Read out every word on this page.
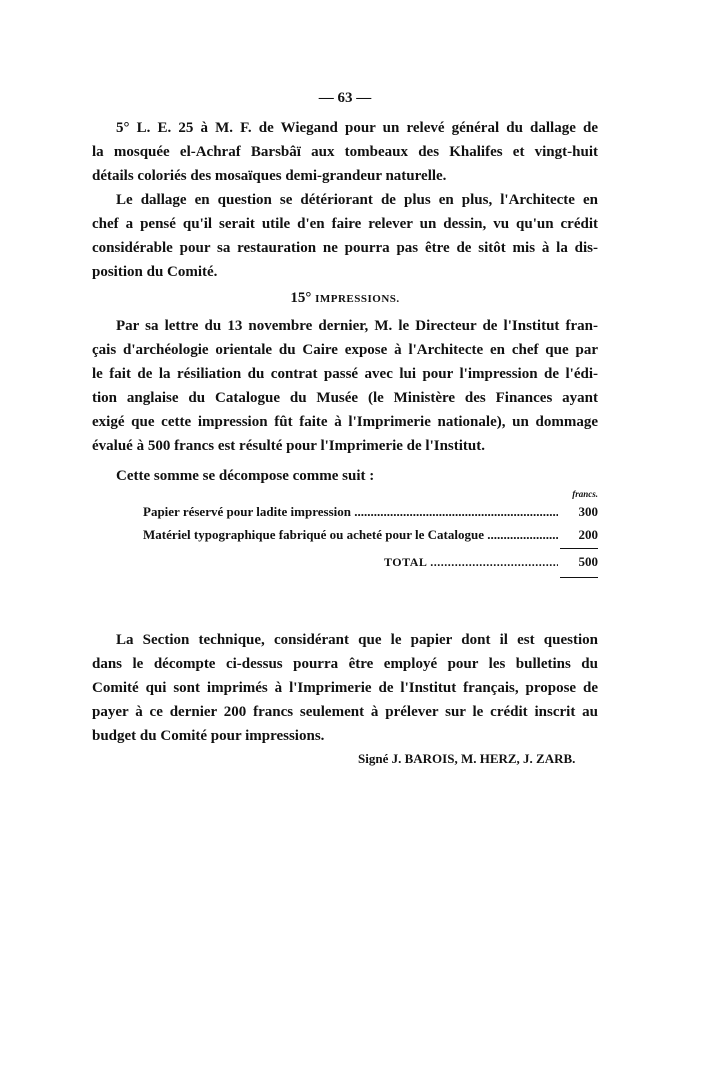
— 63 —
5° L. E. 25 à M. F. de Wiegand pour un relevé général du dallage de
la mosquée el-Achraf Barsbâï aux tombeaux des Khalifes et vingt-huit
détails coloriés des mosaïques demi-grandeur naturelle.
Le dallage en question se détériorant de plus en plus, l'Architecte en
chef a pensé qu'il serait utile d'en faire relever un dessin, vu qu'un crédit
considérable pour sa restauration ne pourra pas être de sitôt mis à la dis-
position du Comité.
15° IMPRESSIONS.
Par sa lettre du 13 novembre dernier, M. le Directeur de l'Institut fran-
çais d'archéologie orientale du Caire expose à l'Architecte en chef que par
le fait de la résiliation du contrat passé avec lui pour l'impression de l'édi-
tion anglaise du Catalogue du Musée (le Ministère des Finances ayant
exigé que cette impression fût faite à l'Imprimerie nationale), un dommage
évalué à 500 francs est résulté pour l'Imprimerie de l'Institut.
Cette somme se décompose comme suit :
francs.
Papier réservé pour ladite impression .....	300
Matériel typographique fabriqué ou acheté pour le Catalogue .....	200
TOTAL .....	500
La Section technique, considérant que le papier dont il est question
dans le décompte ci-dessus pourra être employé pour les bulletins du
Comité qui sont imprimés à l'Imprimerie de l'Institut français, propose de
payer à ce dernier 200 francs seulement à prélever sur le crédit inscrit au
budget du Comité pour impressions.
Signé J. BAROIS, M. HERZ, J. ZARB.
